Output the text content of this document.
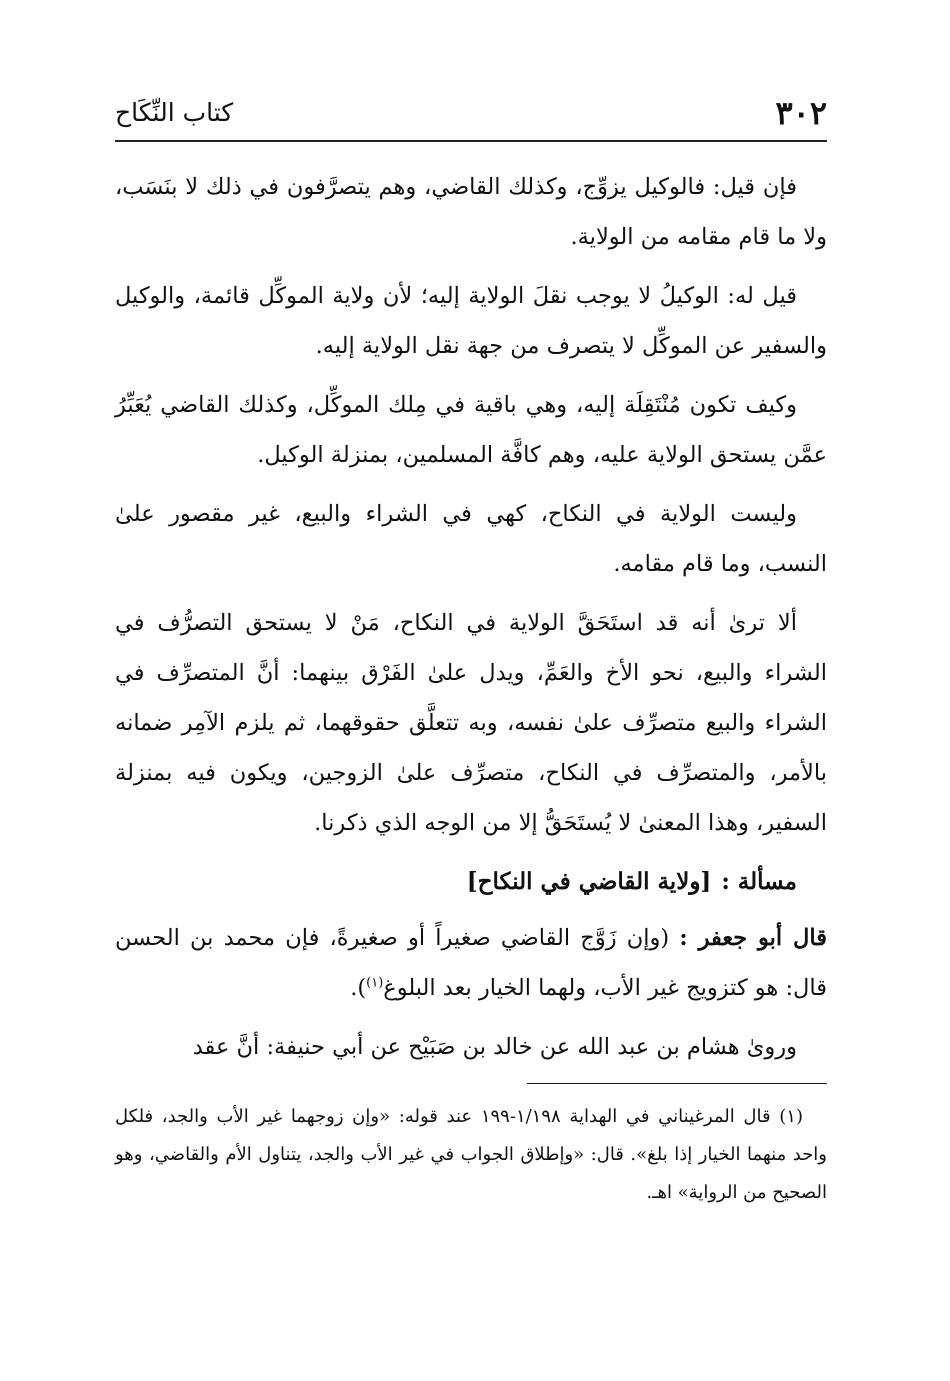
٣٠٢
كتاب النِّكَاح

فإن قيل: فالوكيل يزوِّج، وكذلك القاضي، وهم يتصرَّفون في ذلك لا بنَسَب، ولا ما قام مقامه من الولاية.

قيل له: الوكيلُ لا يوجب نقلَ الولاية إليه؛ لأن ولاية الموكِّل قائمة، والوكيل والسفير عن الموكِّل لا يتصرف من جهة نقل الولاية إليه.

وكيف تكون مُنْتَقِلَة إليه، وهي باقية في مِلك الموكِّل، وكذلك القاضي يُعَبِّرُ عمَّن يستحق الولاية عليه، وهم كافَّة المسلمين، بمنزلة الوكيل.

وليست الولاية في النكاح، كهي في الشراء والبيع، غير مقصور علىٰ النسب، وما قام مقامه.

ألا ترىٰ أنه قد استَحَقَّ الولاية في النكاح، مَنْ لا يستحق التصرُّف في الشراء والبيع، نحو الأخ والعَمِّ، ويدل علىٰ الفَرْق بينهما: أنَّ المتصرِّف في الشراء والبيع متصرِّف علىٰ نفسه، وبه تتعلَّق حقوقهما، ثم يلزم الآمِر ضمانه بالأمر، والمتصرِّف في النكاح، متصرِّف علىٰ الزوجين، ويكون فيه بمنزلة السفير، وهذا المعنىٰ لا يُستَحَقُّ إلا من الوجه الذي ذكرنا.

مسألة :[ولاية القاضي في النكاح]

قال أبو جعفر : (وإن زَوَّج القاضي صغيراً أو صغيرةً، فإن محمد بن الحسن قال: هو كتزويج غير الأب، ولهما الخيار بعد البلوغ$^{(١)}$).

وروىٰ هشام بن عبد الله عن خالد بن صَبَيْح عن أبي حنيفة: أنَّ عقد

(١) قال المرغيناني في الهداية ١/١٩٨-١٩٩ عند قوله: «وإن زوجهما غير الأب والجد، فلكل واحد منهما الخيار إذا بلغ». قال: «وإطلاق الجواب في غير الأب والجد، يتناول الأم والقاضي، وهو الصحيح من الرواية» اهـ.
